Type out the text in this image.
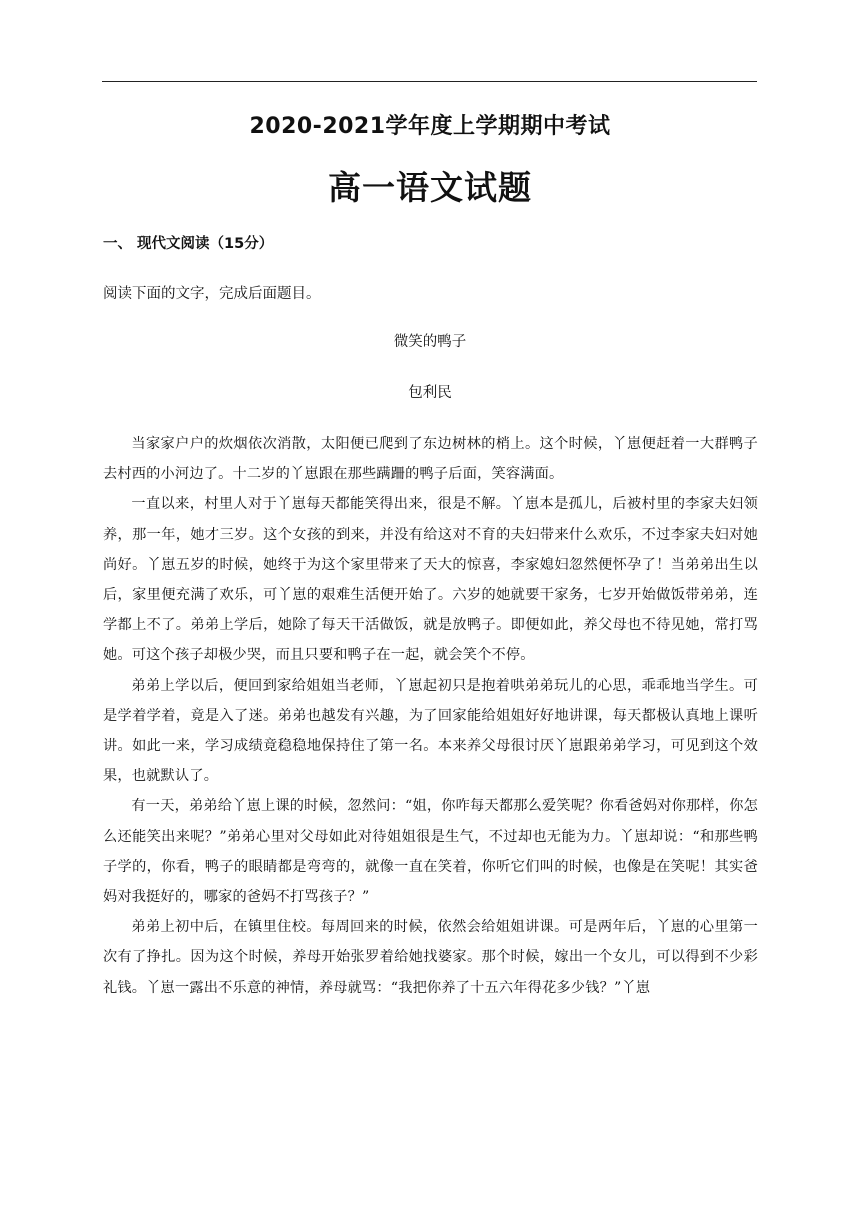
2020-2021学年度上学期期中考试
高一语文试题
一、 现代文阅读（15分）
阅读下面的文字，完成后面题目。
微笑的鸭子
包利民

当家家户户的炊烟依次消散，太阳便已爬到了东边树林的梢上。这个时候，丫崽便赶着一大群鸭子去村西的小河边了。十二岁的丫崽跟在那些蹒跚的鸭子后面，笑容满面。

一直以来，村里人对于丫崽每天都能笑得出来，很是不解。丫崽本是孤儿，后被村里的李家夫妇领养，那一年，她才三岁。这个女孩的到来，并没有给这对不育的夫妇带来什么欢乐，不过李家夫妇对她尚好。丫崽五岁的时候，她终于为这个家里带来了天大的惊喜，李家媳妇忽然便怀孕了！当弟弟出生以后，家里便充满了欢乐，可丫崽的艰难生活便开始了。六岁的她就要干家务，七岁开始做饭带弟弟，连学都上不了。弟弟上学后，她除了每天干活做饭，就是放鸭子。即便如此，养父母也不待见她，常打骂她。可这个孩子却极少哭，而且只要和鸭子在一起，就会笑个不停。

弟弟上学以后，便回到家给姐姐当老师，丫崽起初只是抱着哄弟弟玩儿的心思，乖乖地当学生。可是学着学着，竟是入了迷。弟弟也越发有兴趣，为了回家能给姐姐好好地讲课，每天都极认真地上课听讲。如此一来，学习成绩竟稳稳地保持住了第一名。本来养父母很讨厌丫崽跟弟弟学习，可见到这个效果，也就默认了。

有一天，弟弟给丫崽上课的时候，忽然问：“姐，你咋每天都那么爱笑呢？你看爸妈对你那样，你怎么还能笑出来呢？”弟弟心里对父母如此对待姐姐很是生气，不过却也无能为力。丫崽却说：“和那些鸭子学的，你看，鸭子的眼睛都是弯弯的，就像一直在笑着，你听它们叫的时候，也像是在笑呢！其实爸妈对我挺好的，哪家的爸妈不打骂孩子？”

弟弟上初中后，在镇里住校。每周回来的时候，依然会给姐姐讲课。可是两年后，丫崽的心里第一次有了挣扎。因为这个时候，养母开始张罗着给她找婆家。那个时候，嫁出一个女儿，可以得到不少彩礼钱。丫崽一露出不乐意的神情，养母就骂：“我把你养了十五六年得花多少钱？”丫崽
